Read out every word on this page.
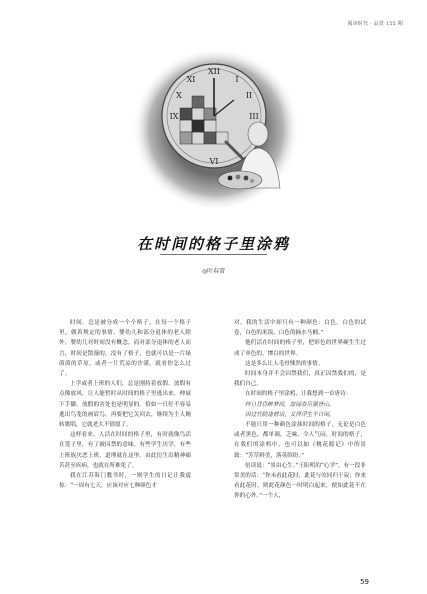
阅读时代 · 品赏 155 期
XII
III
VI
IX
I
II
XI
X
在时间的格子里涂鸦
◎叶春雷

时间，总是被分成一个个格子，在每一个格子里，做着规定的事情。婴幼儿和部分退休的老人除外。婴幼儿对时间没有概念，而对部分退休的老人而言，时间是散漫的，没有了格子，也就可以是一片绿茵茵的草原，或者一片荒凉的沙漠，就看你怎么过了。

上学或者上班的人们，总是刚持着放假。放假有点像放风，让人能暂时从时间的格子里逃出来，伸展下手脚。放假的害处也是明显的。恰如一只好不容易逃出鸟笼的画眉鸟，再要把它关回去，继续为主人婉转歌唱，它就老大不情愿了。

这样看来，人活在时间的格子里，有时就像鸟活在笼子里，有了被囚禁的意味。有些学生厌学，有些上班族厌恶上班，道理就在这里。由此衍生出精神痛苦甚至疾病，也就在所难免了。

我在江苏海门教书时，一则学生的日记让我震惊：“一周有七天，应该对应七种颜色才

对。我的生活中却只有一种颜色：白色。白色的试卷，白色的米饭，白色的摘水马桶。”

他们活在时间的格子里，把彩色的世界硬生生过成了单色的、惨白的世界。

这是多么让人毛骨悚然的事情。

时间本身并不会囚禁我们，真正囚禁我们的，是我们自己。

在时间的格子里涂鸦，让我想到一首唐诗：

终日昏昏醉梦间，忽闻春尽强登山。

因过竹院逢僧话，又得浮生半日闲。

不能只用一种颜色涂抹时间的格子，无论是白色或者黑色，都单调，乏味，令人气闷。时间的格子，在我们的涂鸦中，也可以如《桃花源记》中的景致：“芳草鲜美，落英缤纷。”

倍读说：“景由心生。”王阳明的“心学”，有一段非常美的话：“你未看此花时，此花与汝同归于寂；你来看此花时，则此花颜色一时明白起来，便知此花不在你的心外。”一个人，

59
